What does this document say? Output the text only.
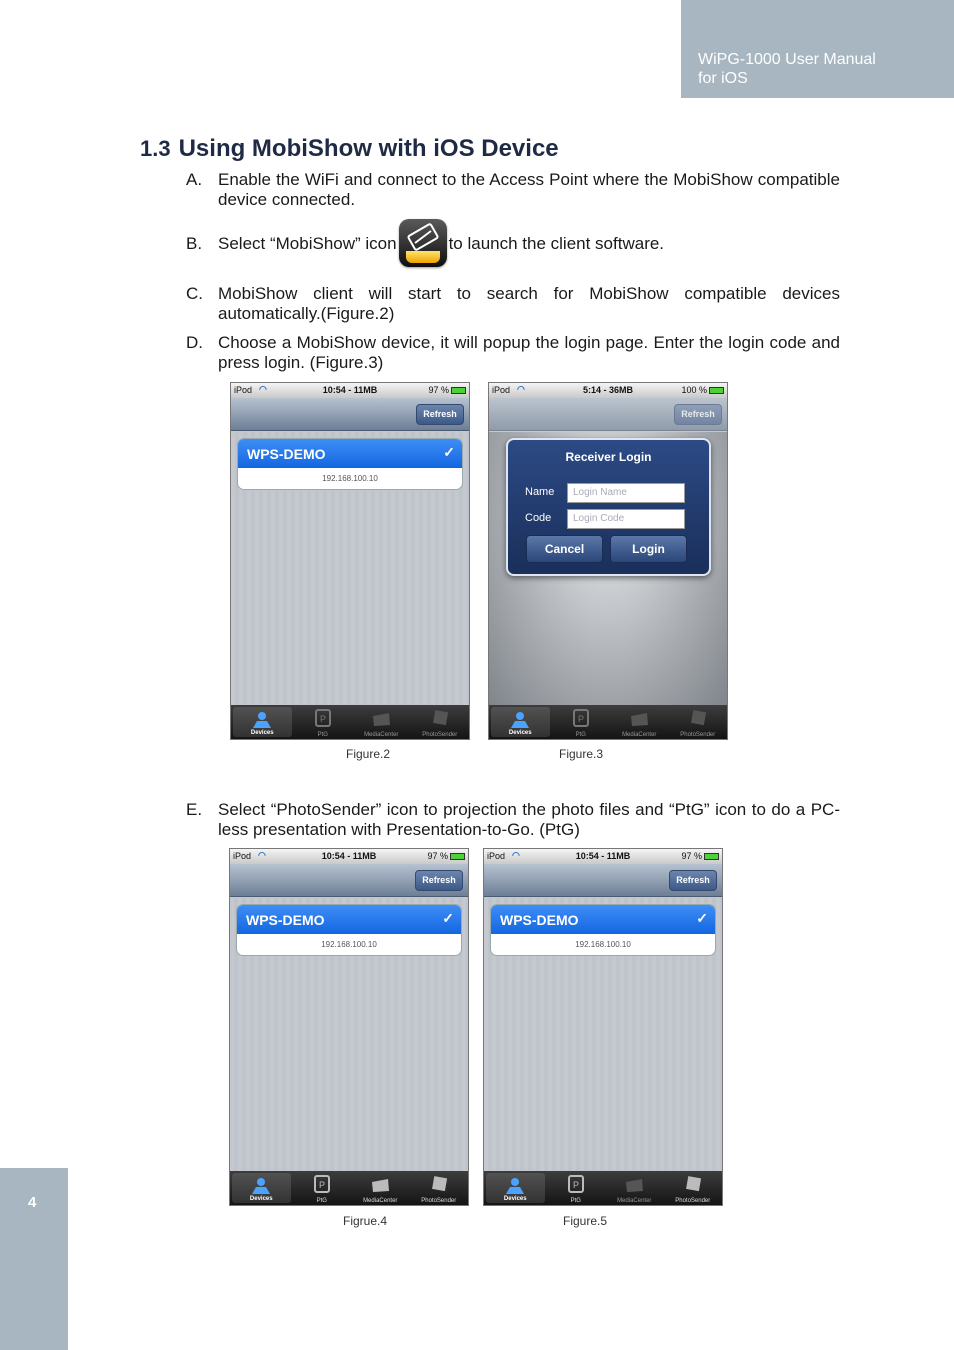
WiPG-1000 User Manual
for iOS
4
1.3 Using MobiShow with iOS Device
A. Enable the WiFi and connect to the Access Point where the MobiShow compatible device connected.
B. Select “MobiShow” icon	to launch the client software.
C. MobiShow client will start to search for MobiShow compatible devices automatically.(Figure.2)
D. Choose a MobiShow device, it will popup the login page. Enter the login code and press login. (Figure.3)
E. Select “PhotoSender” icon to projection the photo files and “PtG” icon to do a PC-less presentation with Presentation-to-Go. (PtG)
iPod ◠	10:54 - 11MB	97 %
Refresh
WPS-DEMO	✓
192.168.100.10
Devices
P
PtG	MediaCenter	PhotoSender
Figure.2
iPod ◠	5:14 - 36MB	100 %
Refresh
Receiver Login
Name	Login Name
Code	Login Code
Cancel	Login
Devices
P
PtG	MediaCenter	PhotoSender
Figure.3
iPod ◠	10:54 - 11MB	97 %
Refresh
WPS-DEMO	✓
192.168.100.10
Devices
P
PtG	MediaCenter	PhotoSender
Figrue.4
iPod ◠	10:54 - 11MB	97 %
Refresh
WPS-DEMO	✓
192.168.100.10
Devices
P
PtG	MediaCenter	PhotoSender
Figure.5
